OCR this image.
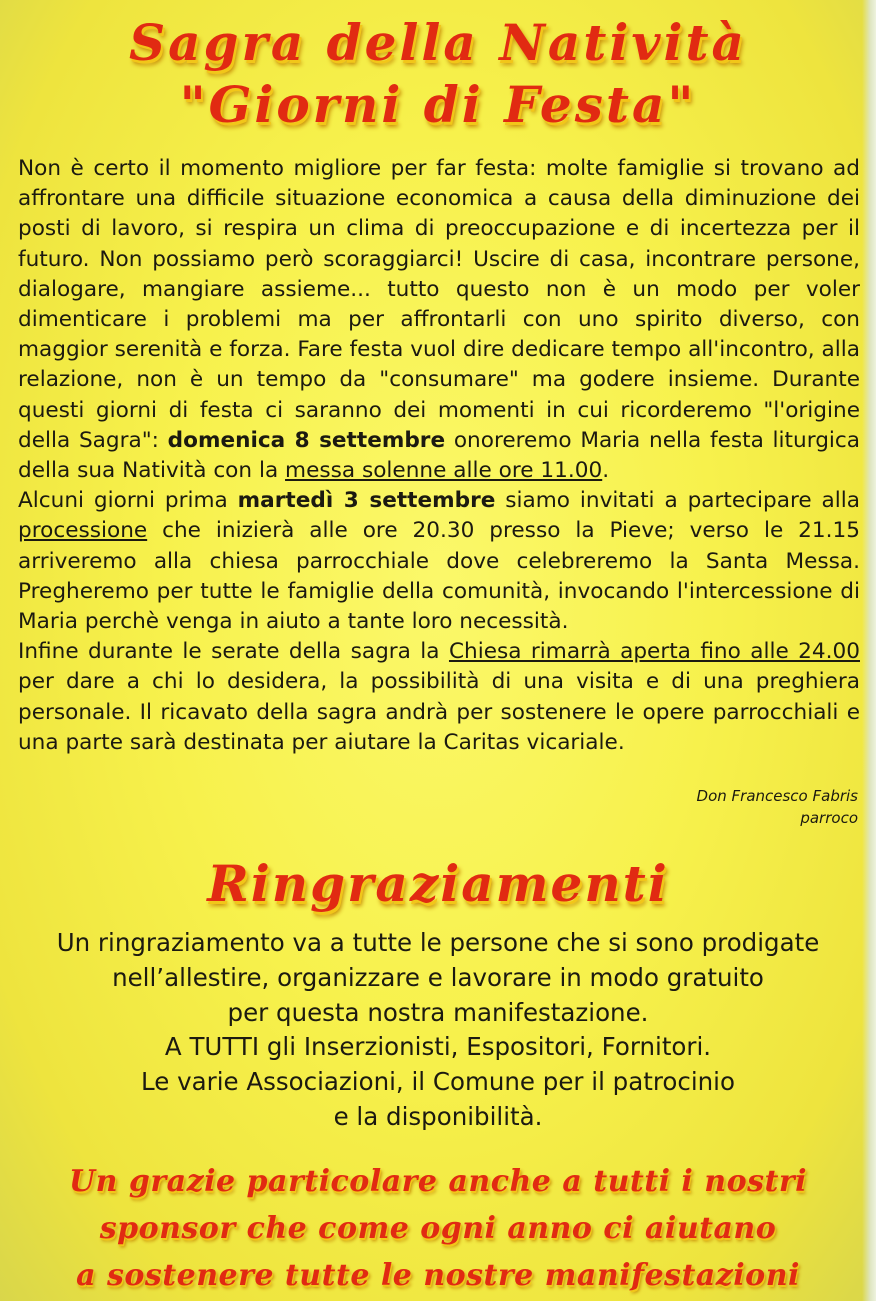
Sagra della Natività
"Giorni di Festa"
Non è certo il momento migliore per far festa: molte famiglie si trovano ad affrontare una difficile situazione economica a causa della diminuzione dei posti di lavoro, si respira un clima di preoccupazione e di incertezza per il futuro. Non possiamo però scoraggiarci! Uscire di casa, incontrare persone, dialogare, mangiare assieme... tutto questo non è un modo per voler dimenticare i problemi ma per affrontarli con uno spirito diverso, con maggior serenità e forza. Fare festa vuol dire dedicare tempo all'incontro, alla relazione, non è un tempo da "consumare" ma godere insieme. Durante questi giorni di festa ci saranno dei momenti in cui ricorderemo "l'origine della Sagra": domenica 8 settembre onoreremo Maria nella festa liturgica della sua Natività con la messa solenne alle ore 11.00.
Alcuni giorni prima martedì 3 settembre siamo invitati a partecipare alla processione che inizierà alle ore 20.30 presso la Pieve; verso le 21.15 arriveremo alla chiesa parrocchiale dove celebreremo la Santa Messa. Pregheremo per tutte le famiglie della comunità, invocando l'intercessione di Maria perchè venga in aiuto a tante loro necessità.
Infine durante le serate della sagra la Chiesa rimarrà aperta fino alle 24.00 per dare a chi lo desidera, la possibilità di una visita e di una preghiera personale. Il ricavato della sagra andrà per sostenere le opere parrocchiali e una parte sarà destinata per aiutare la Caritas vicariale.
Don Francesco Fabris
parroco
Ringraziamenti

Un ringraziamento va a tutte le persone che si sono prodigate

nell’allestire, organizzare e lavorare in modo gratuito

per questa nostra manifestazione.

A TUTTI gli Inserzionisti, Espositori, Fornitori.

Le varie Associazioni, il Comune per il patrocinio

e la disponibilità.

Un grazie particolare anche a tutti i nostri

sponsor che come ogni anno ci aiutano

a sostenere tutte le nostre manifestazioni
